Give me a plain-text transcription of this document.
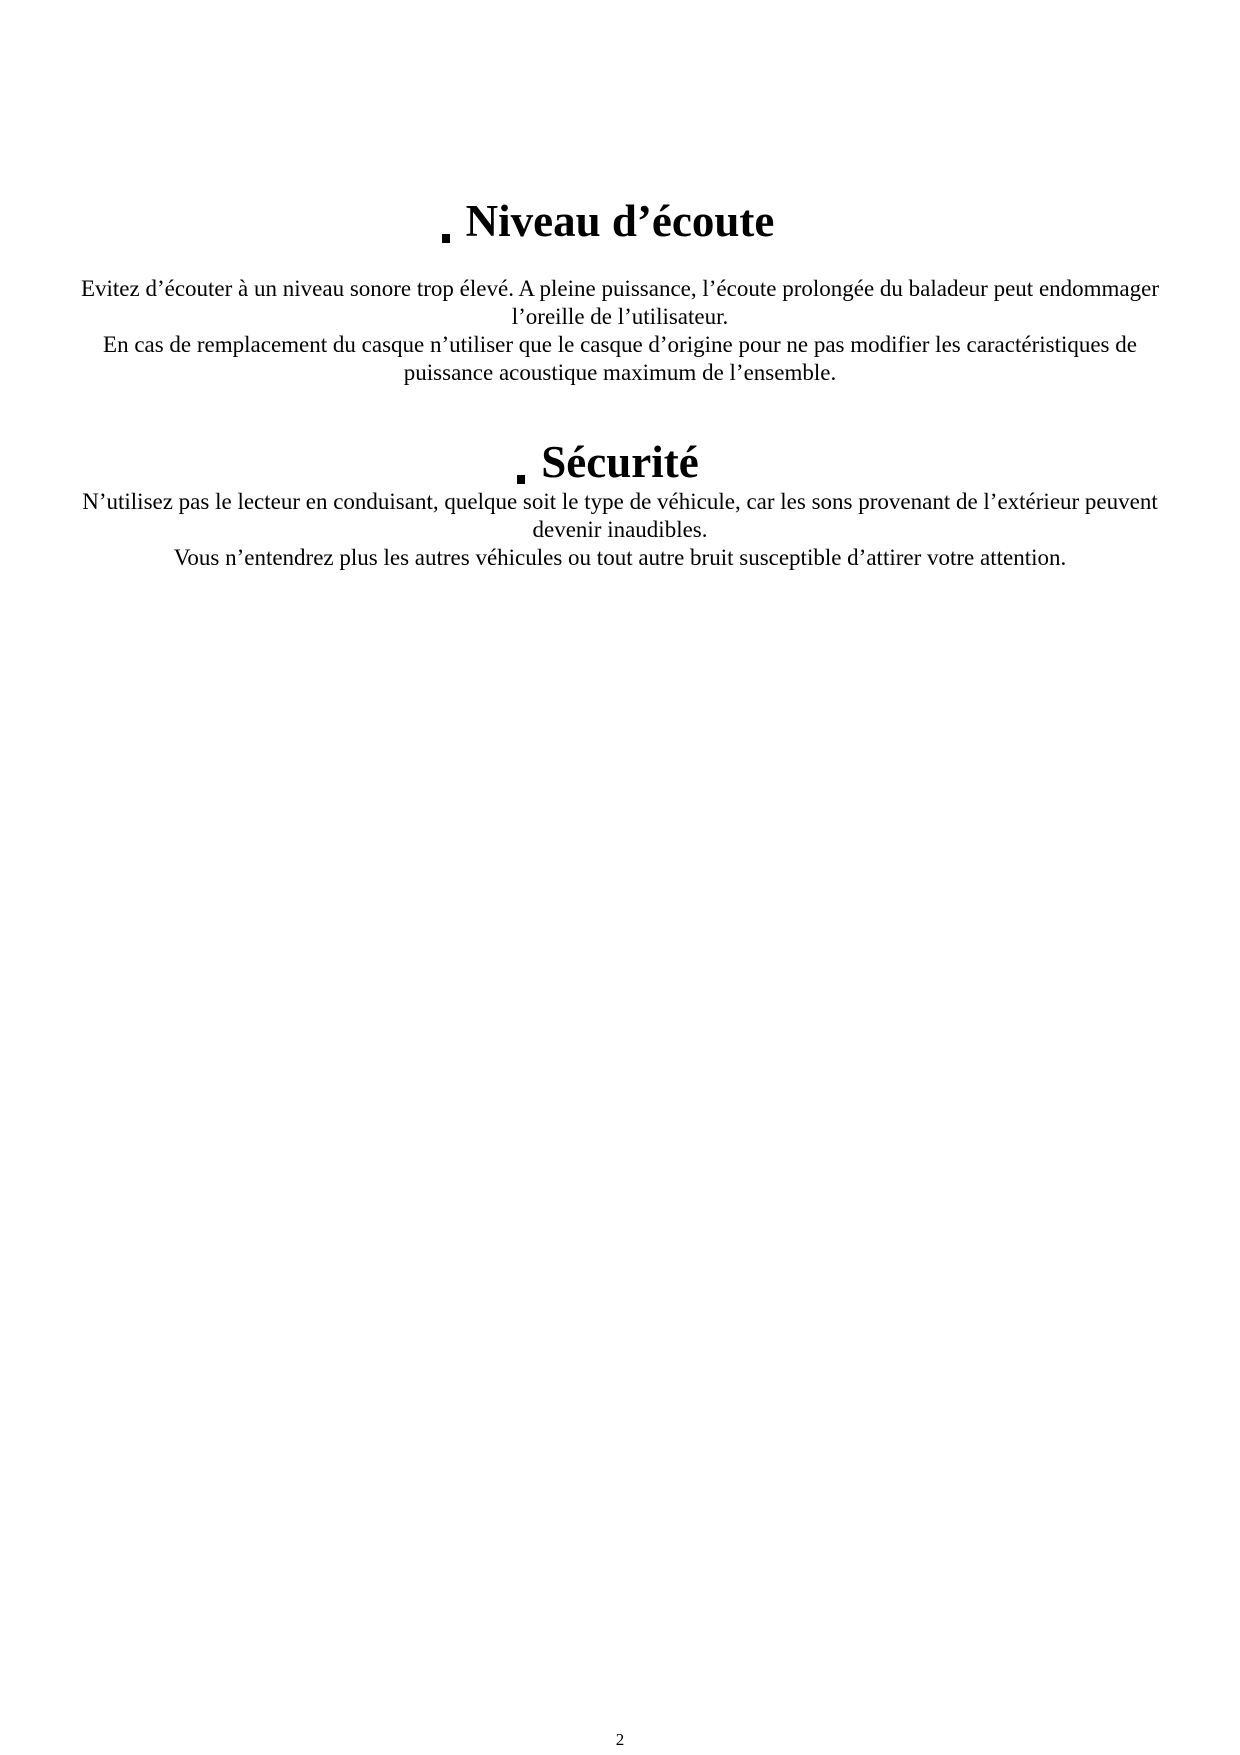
Niveau d’écoute

Evitez d’écouter à un niveau sonore trop élevé. A pleine puissance, l’écoute prolongée du baladeur peut endommager l’oreille de l’utilisateur.

En cas de remplacement du casque n’utiliser que le casque d’origine pour ne pas modifier les caractéristiques de puissance acoustique maximum de l’ensemble.

Sécurité

N’utilisez pas le lecteur en conduisant, quelque soit le type de véhicule, car les sons provenant de l’extérieur peuvent devenir inaudibles.

Vous n’entendrez plus les autres véhicules ou tout autre bruit susceptible d’attirer votre attention.

2
